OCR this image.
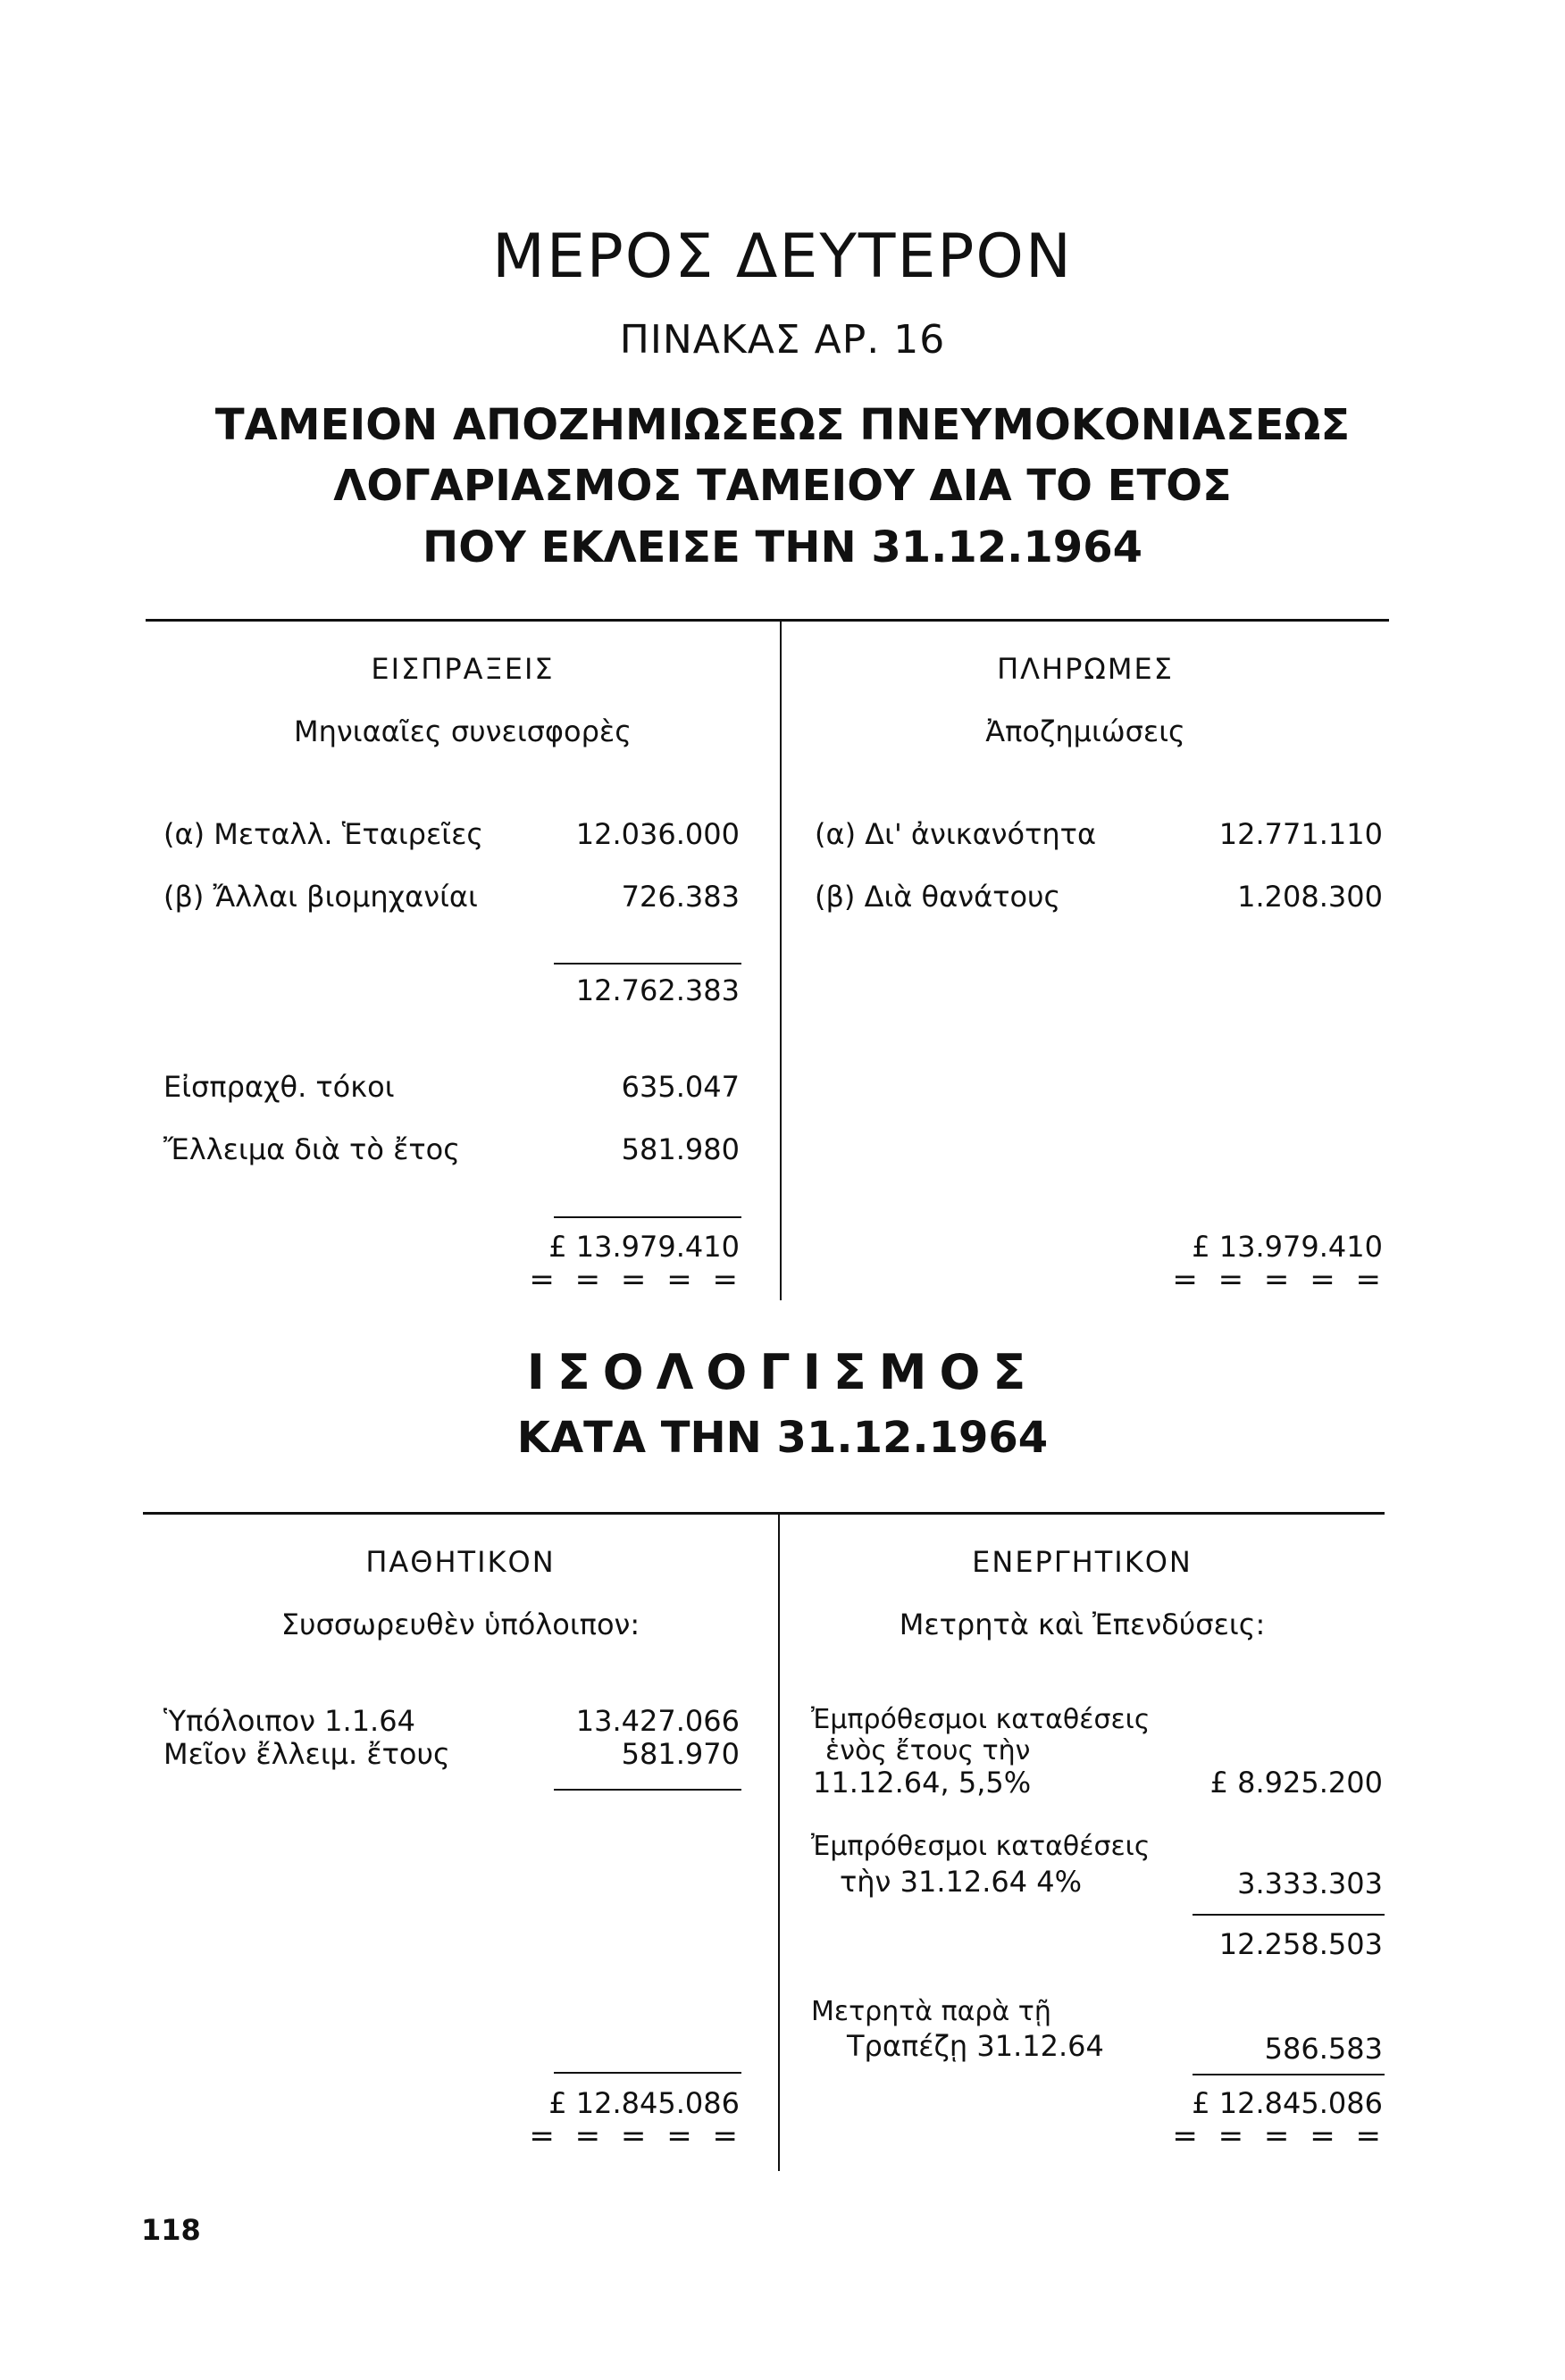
ΜΕΡΟΣ ΔΕΥΤΕΡΟΝ
ΠΙΝΑΚΑΣ ΑΡ. 16
ΤΑΜΕΙΟΝ ΑΠΟΖΗΜΙΩΣΕΩΣ ΠΝΕΥΜΟΚΟΝΙΑΣΕΩΣ
ΛΟΓΑΡΙΑΣΜΟΣ ΤΑΜΕΙΟΥ ΔΙΑ ΤΟ ΕΤΟΣ
ΠΟΥ ΕΚΛΕΙΣΕ ΤΗΝ 31.12.1964
ΕΙΣΠΡΑΞΕΙΣ
Μηνιααῖες συνεισφορὲς
ΠΛΗΡΩΜΕΣ
Ἀποζημιώσεις
(α) Μεταλλ. Ἑταιρεῖες	12.036.000
(β) Ἄλλαι βιομηχανίαι	726.383
12.762.383
Εἰσπραχθ. τόκοι	635.047
Ἔλλειμα διὰ τὸ ἔτος	581.980
£ 13.979.410
= = = = =
(α) Δι' ἀνικανότητα	12.771.110
(β) Διὰ θανάτους	1.208.300
£ 13.979.410
= = = = =
ΙΣΟΛΟΓΙΣΜΟΣ
ΚΑΤΑ ΤΗΝ 31.12.1964
ΠΑΘΗΤΙΚΟΝ
Συσσωρευθὲν ὑπόλοιπον:
ΕΝΕΡΓΗΤΙΚΟΝ
Μετρητὰ καὶ Ἐπενδύσεις:
Ὑπόλοιπον 1.1.64	13.427.066
Μεῖον ἔλλειμ. ἔτους	581.970
£ 12.845.086
= = = = =
Ἐμπρόθεσμοι καταθέσεις
ἑνὸς ἔτους τὴν
11.12.64, 5,5%	£ 8.925.200
Ἐμπρόθεσμοι καταθέσεις
τὴν 31.12.64 4%	3.333.303
12.258.503
Μετρητὰ παρὰ τῇ
Τραπέζῃ 31.12.64	586.583
£ 12.845.086
= = = = =
118
